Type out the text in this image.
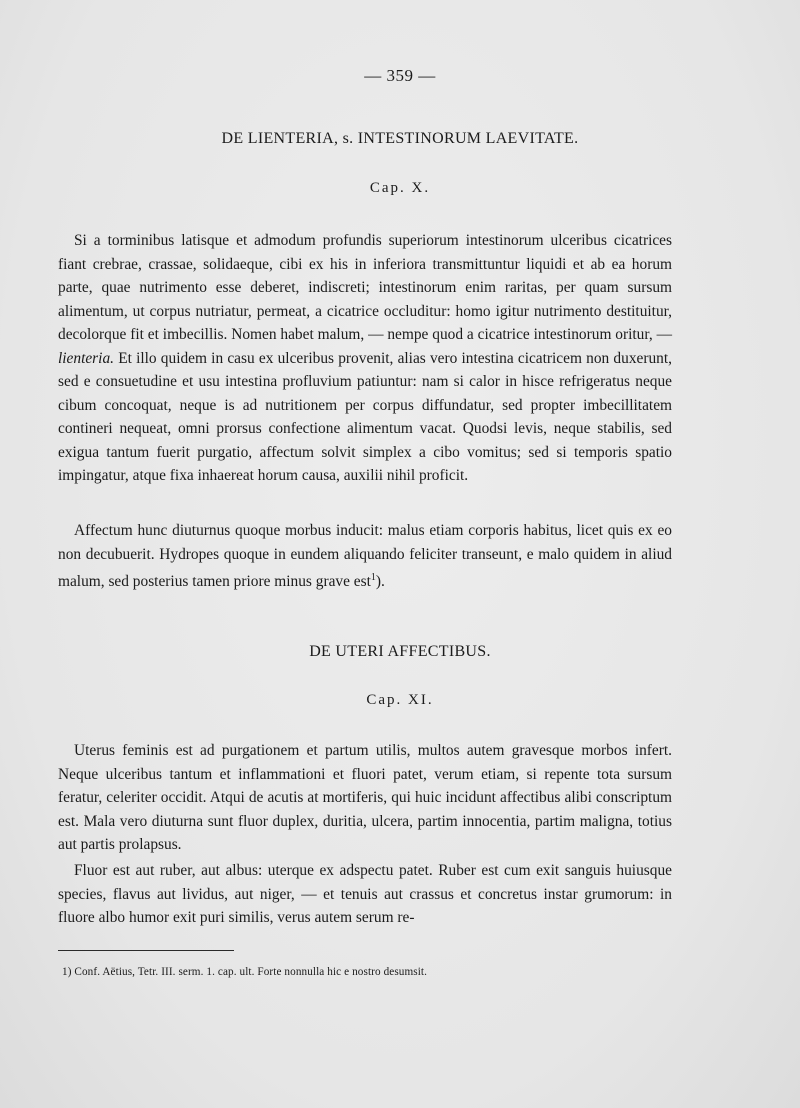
— 359 —
DE LIENTERIA, s. INTESTINORUM LAEVITATE.
Cap. X.

Si a torminibus latisque et admodum profundis superiorum intestinorum ulceribus cicatrices fiant crebrae, crassae, solidaeque, cibi ex his in inferiora transmittuntur liquidi et ab ea horum parte, quae nutrimento esse deberet, indiscreti; intestinorum enim raritas, per quam sursum alimentum, ut corpus nutriatur, permeat, a cicatrice occluditur: homo igitur nutrimento destituitur, decolorque fit et imbecillis. Nomen habet malum, — nempe quod a cicatrice intestinorum oritur, — lienteria. Et illo quidem in casu ex ulceribus provenit, alias vero intestina cicatricem non duxerunt, sed e consuetudine et usu intestina profluvium patiuntur: nam si calor in hisce refrigeratus neque cibum concoquat, neque is ad nutritionem per corpus diffundatur, sed propter imbecillitatem contineri nequeat, omni prorsus confectione alimentum vacat. Quodsi levis, neque stabilis, sed exigua tantum fuerit purgatio, affectum solvit simplex a cibo vomitus; sed si temporis spatio impingatur, atque fixa inhaereat horum causa, auxilii nihil proficit.

Affectum hunc diuturnus quoque morbus inducit: malus etiam corporis habitus, licet quis ex eo non decubuerit. Hydropes quoque in eundem aliquando feliciter transeunt, e malo quidem in aliud malum, sed posterius tamen priore minus grave est$^1$).

DE UTERI AFFECTIBUS.
Cap. XI.

Uterus feminis est ad purgationem et partum utilis, multos autem gravesque morbos infert. Neque ulceribus tantum et inflammationi et fluori patet, verum etiam, si repente tota sursum feratur, celeriter occidit. Atqui de acutis at mortiferis, qui huic incidunt affectibus alibi conscriptum est. Mala vero diuturna sunt fluor duplex, duritia, ulcera, partim innocentia, partim maligna, totius aut partis prolapsus.

Fluor est aut ruber, aut albus: uterque ex adspectu patet. Ruber est cum exit sanguis huiusque species, flavus aut lividus, aut niger, — et tenuis aut crassus et concretus instar grumorum: in fluore albo humor exit puri similis, verus autem serum re-

1) Conf. Aëtius, Tetr. III. serm. 1. cap. ult. Forte nonnulla hic e nostro desumsit.
